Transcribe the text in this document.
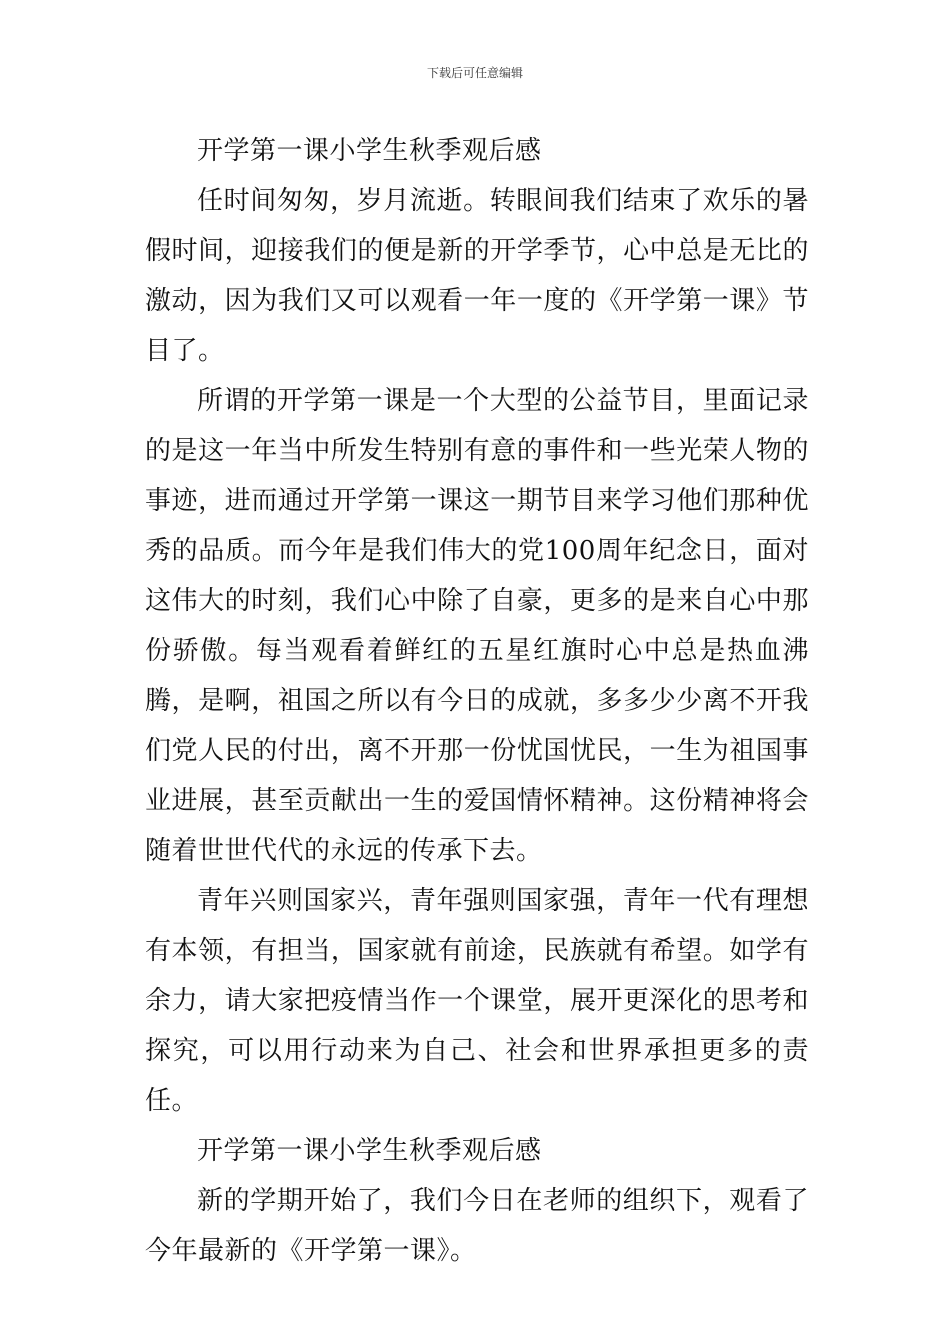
下载后可任意编辑

开学第一课小学生秋季观后感

任时间匆匆，岁月流逝。转眼间我们结束了欢乐的暑假时间，迎接我们的便是新的开学季节，心中总是无比的激动，因为我们又可以观看一年一度的《开学第一课》节目了。

所谓的开学第一课是一个大型的公益节目，里面记录的是这一年当中所发生特别有意的事件和一些光荣人物的事迹，进而通过开学第一课这一期节目来学习他们那种优秀的品质。而今年是我们伟大的党100周年纪念日，面对这伟大的时刻，我们心中除了自豪，更多的是来自心中那份骄傲。每当观看着鲜红的五星红旗时心中总是热血沸腾，是啊，祖国之所以有今日的成就，多多少少离不开我们党人民的付出，离不开那一份忧国忧民，一生为祖国事业进展，甚至贡献出一生的爱国情怀精神。这份精神将会随着世世代代的永远的传承下去。

青年兴则国家兴，青年强则国家强，青年一代有理想有本领，有担当，国家就有前途，民族就有希望。如学有余力，请大家把疫情当作一个课堂，展开更深化的思考和探究，可以用行动来为自己、社会和世界承担更多的责任。

开学第一课小学生秋季观后感

新的学期开始了，我们今日在老师的组织下，观看了今年最新的《开学第一课》。
